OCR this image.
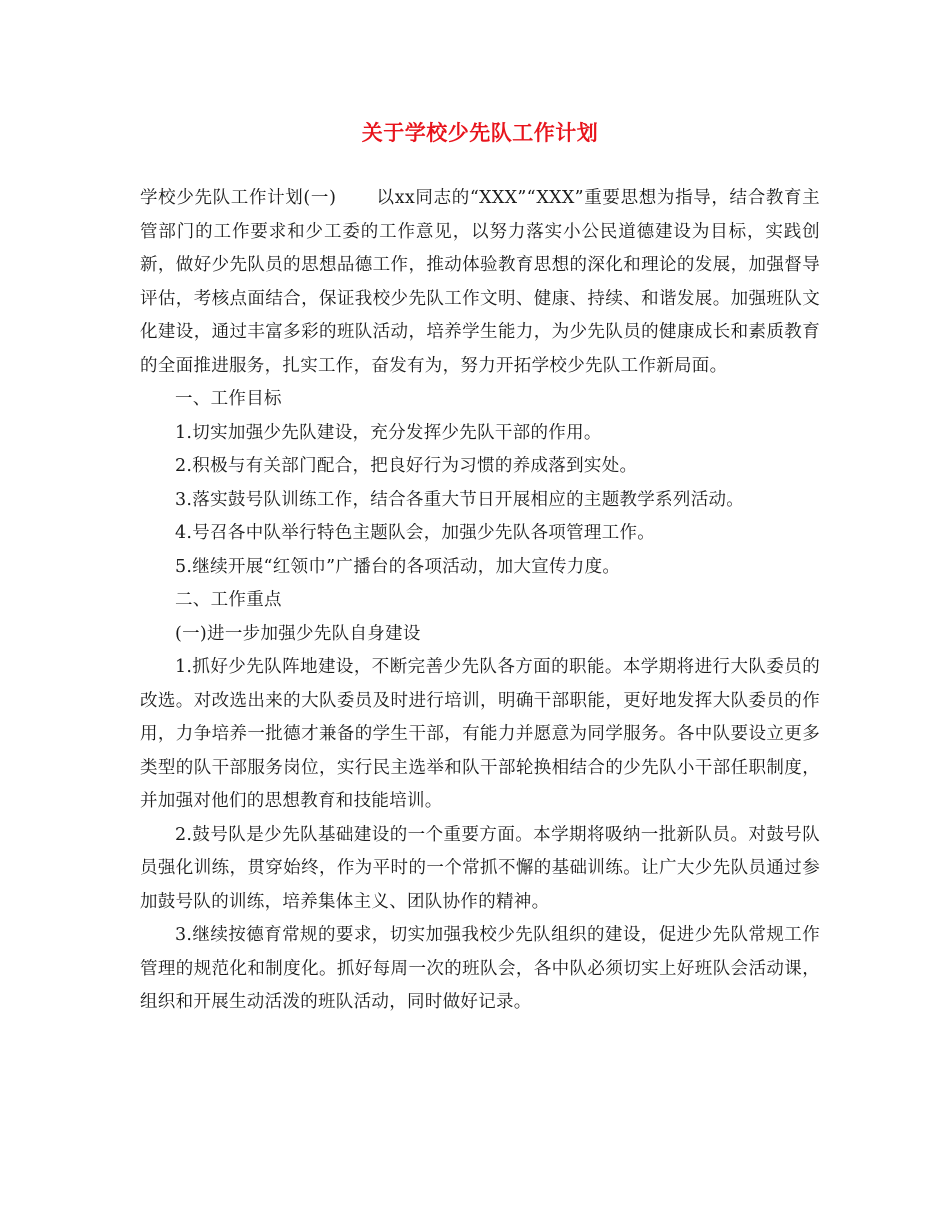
关于学校少先队工作计划

学校少先队工作计划(一) 以xx同志的“XXX”“XXX”重要思想为指导，结合教育主管部门的工作要求和少工委的工作意见，以努力落实小公民道德建设为目标，实践创新，做好少先队员的思想品德工作，推动体验教育思想的深化和理论的发展，加强督导评估，考核点面结合，保证我校少先队工作文明、健康、持续、和谐发展。加强班队文化建设，通过丰富多彩的班队活动，培养学生能力，为少先队员的健康成长和素质教育的全面推进服务，扎实工作，奋发有为，努力开拓学校少先队工作新局面。

一、工作目标

1.切实加强少先队建设，充分发挥少先队干部的作用。

2.积极与有关部门配合，把良好行为习惯的养成落到实处。

3.落实鼓号队训练工作，结合各重大节日开展相应的主题教学系列活动。

4.号召各中队举行特色主题队会，加强少先队各项管理工作。

5.继续开展“红领巾”广播台的各项活动，加大宣传力度。

二、工作重点

(一)进一步加强少先队自身建设

1.抓好少先队阵地建设，不断完善少先队各方面的职能。本学期将进行大队委员的改选。对改选出来的大队委员及时进行培训，明确干部职能，更好地发挥大队委员的作用，力争培养一批德才兼备的学生干部，有能力并愿意为同学服务。各中队要设立更多类型的队干部服务岗位，实行民主选举和队干部轮换相结合的少先队小干部任职制度，并加强对他们的思想教育和技能培训。

2.鼓号队是少先队基础建设的一个重要方面。本学期将吸纳一批新队员。对鼓号队员强化训练，贯穿始终，作为平时的一个常抓不懈的基础训练。让广大少先队员通过参加鼓号队的训练，培养集体主义、团队协作的精神。

3.继续按德育常规的要求，切实加强我校少先队组织的建设，促进少先队常规工作管理的规范化和制度化。抓好每周一次的班队会，各中队必须切实上好班队会活动课，组织和开展生动活泼的班队活动，同时做好记录。
